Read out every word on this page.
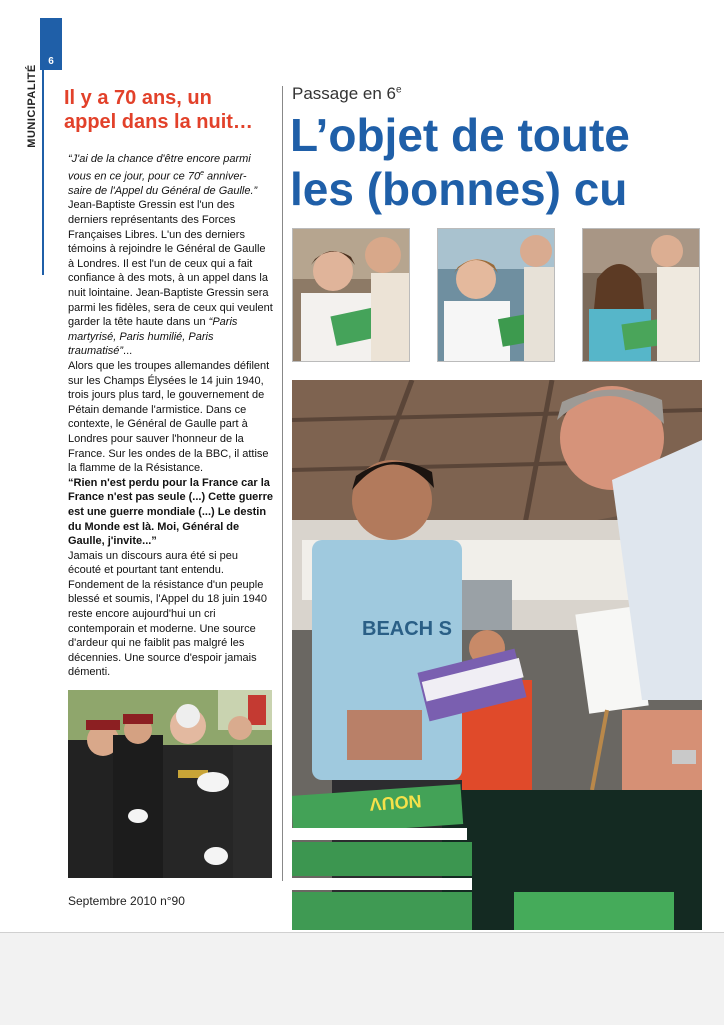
6
MUNICIPALITÉ Il y a 70 ans, un
appel dans la nuit…

“J'ai de la chance d'être encore parmi
vous en ce jour, pour ce 70e anniver-
saire de l'Appel du Général de Gaulle.”

Jean-Baptiste Gressin est l'un des derniers représentants des Forces Françaises Libres. L'un des derniers témoins à rejoindre le Général de Gaulle à Londres. Il est l'un de ceux qui a fait confiance à des mots, à un appel dans la nuit lointaine. Jean-Baptiste Gressin sera parmi les fidèles, sera de ceux qui veulent garder la tête haute dans un “Paris martyrisé, Paris humilié, Paris traumatisé”...

Alors que les troupes allemandes défilent sur les Champs Élysées le 14 juin 1940, trois jours plus tard, le gouvernement de Pétain demande l'armistice. Dans ce contexte, le Général de Gaulle part à Londres pour sauver l'honneur de la France. Sur les ondes de la BBC, il attise la flamme de la Résistance.

“Rien n'est perdu pour la France car la France n'est pas seule (...) Cette guerre est une guerre mondiale (...) Le destin du Monde est là. Moi, Général de Gaulle, j'invite...”

Jamais un discours aura été si peu écouté et pourtant tant entendu. Fondement de la résistance d'un peuple blessé et soumis, l'Appel du 18 juin 1940 reste encore aujourd'hui un cri contemporain et moderne. Une source d'ardeur qui ne faiblit pas malgré les décennies. Une source d'espoir jamais démenti.

Septembre 2010 n°90
Passage en 6e
L’objet de toute
les (bonnes) cu
BEACH S
NOUV
